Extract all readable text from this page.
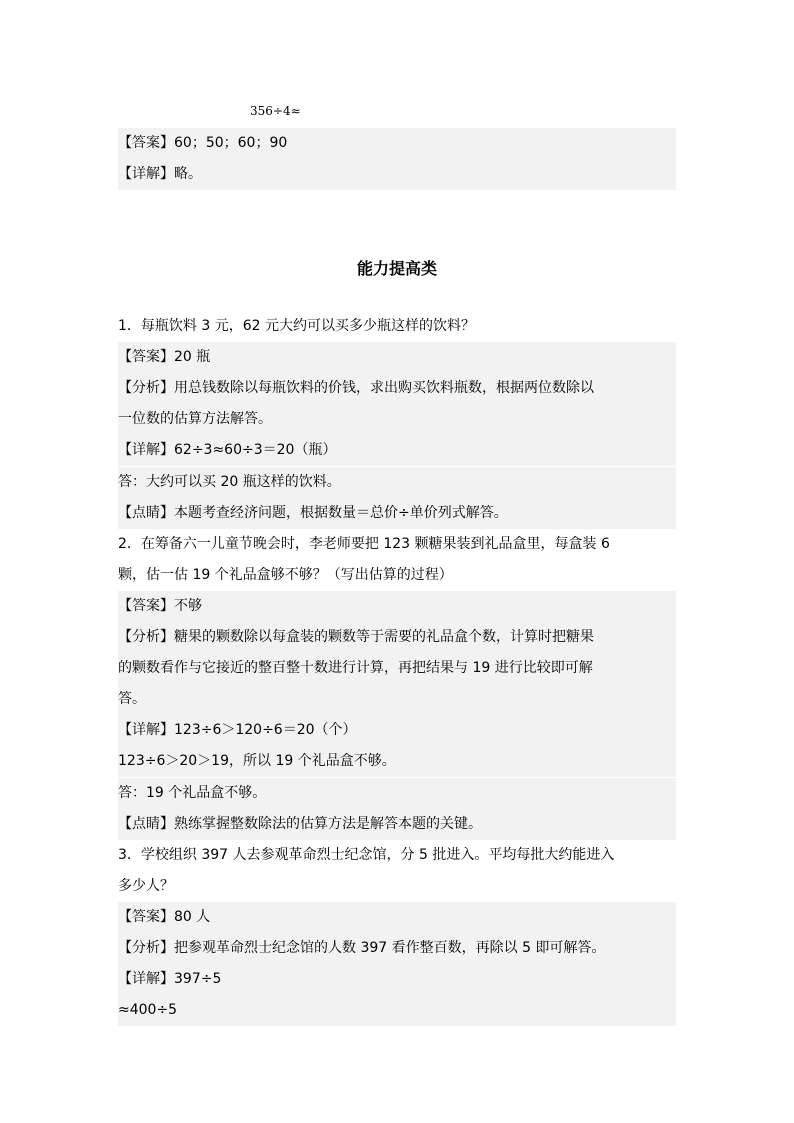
356÷4≈
【答案】60；50；60；90
【详解】略。
能力提高类
1．每瓶饮料 3 元，62 元大约可以买多少瓶这样的饮料？
【答案】20 瓶
【分析】用总钱数除以每瓶饮料的价钱，求出购买饮料瓶数，根据两位数除以
一位数的估算方法解答。
【详解】62÷3≈60÷3＝20（瓶）
答：大约可以买 20 瓶这样的饮料。
【点睛】本题考查经济问题，根据数量＝总价÷单价列式解答。
2．在筹备六一儿童节晚会时，李老师要把 123 颗糖果装到礼品盒里，每盒装 6
颗，估一估 19 个礼品盒够不够？（写出估算的过程）
【答案】不够
【分析】糖果的颗数除以每盒装的颗数等于需要的礼品盒个数，计算时把糖果
的颗数看作与它接近的整百整十数进行计算，再把结果与 19 进行比较即可解
答。
【详解】123÷6＞120÷6＝20（个）
123÷6＞20＞19，所以 19 个礼品盒不够。
答：19 个礼品盒不够。
【点睛】熟练掌握整数除法的估算方法是解答本题的关键。
3．学校组织 397 人去参观革命烈士纪念馆，分 5 批进入。平均每批大约能进入
多少人？
【答案】80 人
【分析】把参观革命烈士纪念馆的人数 397 看作整百数，再除以 5 即可解答。
【详解】397÷5
≈400÷5
